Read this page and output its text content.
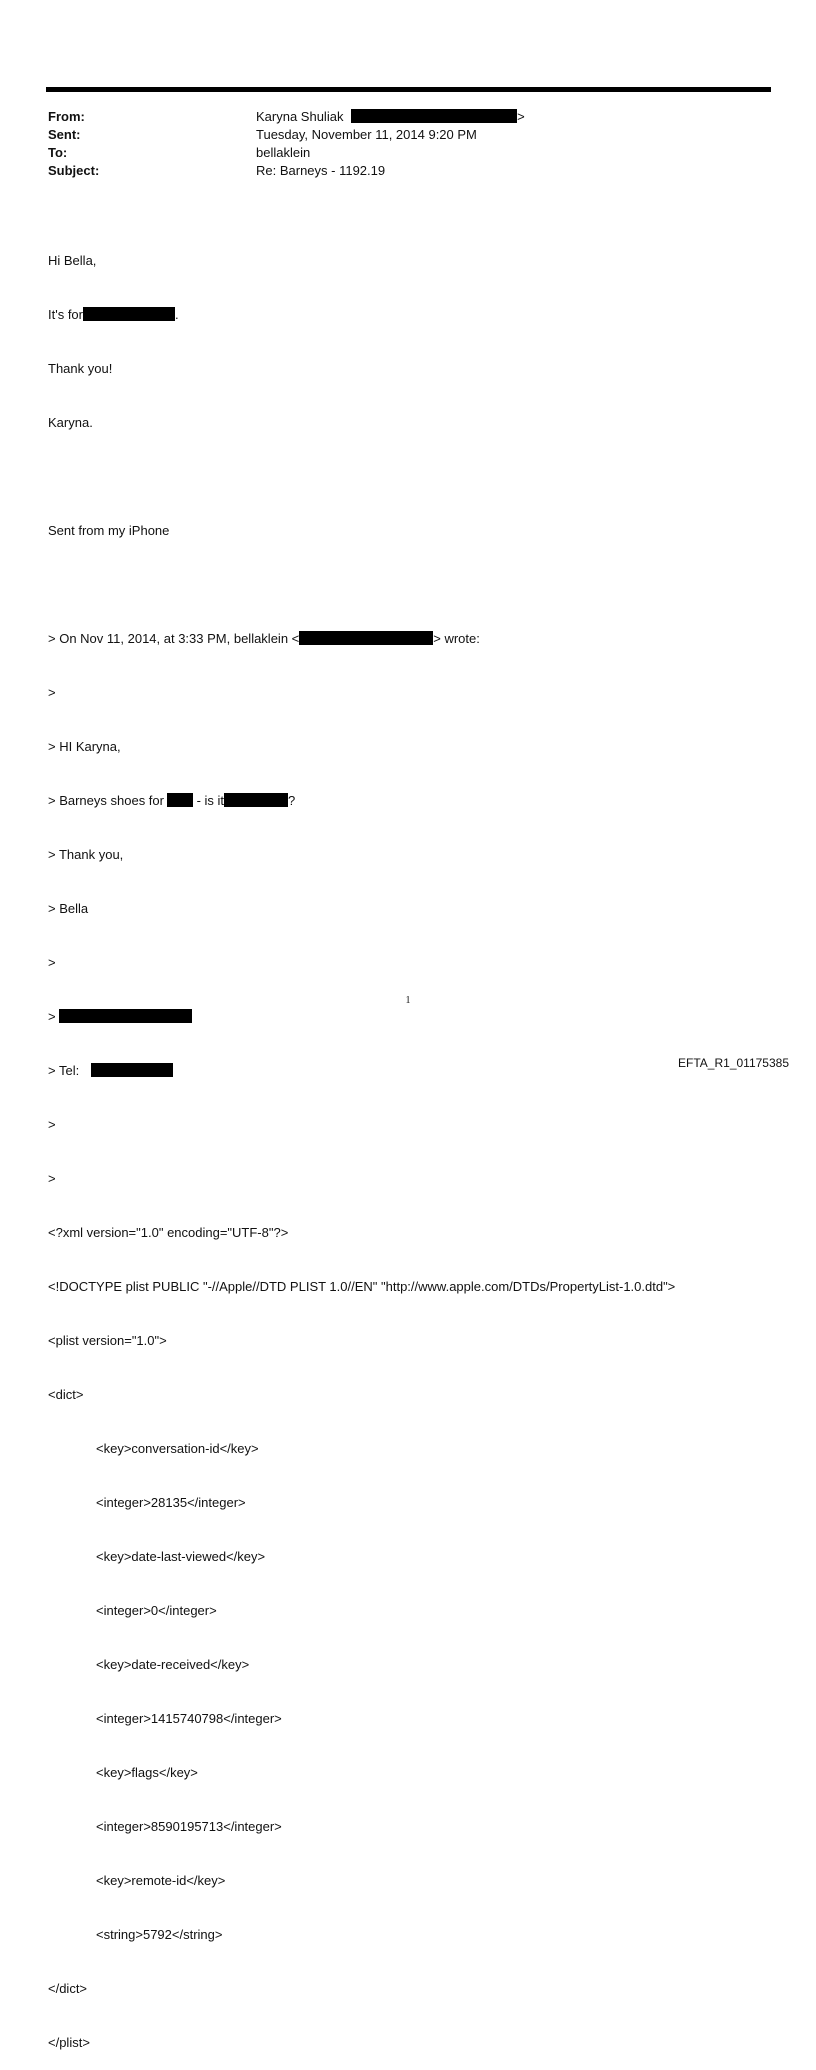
From:	Karyna Shuliak	>
Sent:	Tuesday, November 11, 2014 9:20 PM
To:	bellaklein
Subject:	Re: Barneys - 1192.19

Hi Bella,

It's for	.

Thank you!

Karyna.

Sent from my iPhone

> On Nov 11, 2014, at 3:33 PM, bellaklein <	> wrote:

>

> HI Karyna,

> Barneys shoes for - is it	?

> Thank you,

> Bella

>

>

> Tel:

>

>

<?xml version="1.0" encoding="UTF-8"?>

<!DOCTYPE plist PUBLIC "-//Apple//DTD PLIST 1.0//EN" "http://www.apple.com/DTDs/PropertyList-1.0.dtd">

<plist version="1.0">

<dict>

<key>conversation-id</key>

<integer>28135</integer>

<key>date-last-viewed</key>

<integer>0</integer>

<key>date-received</key>

<integer>1415740798</integer>

<key>flags</key>

<integer>8590195713</integer>

<key>remote-id</key>

<string>5792</string>

</dict>

</plist>

1
EFTA_R1_01175385
